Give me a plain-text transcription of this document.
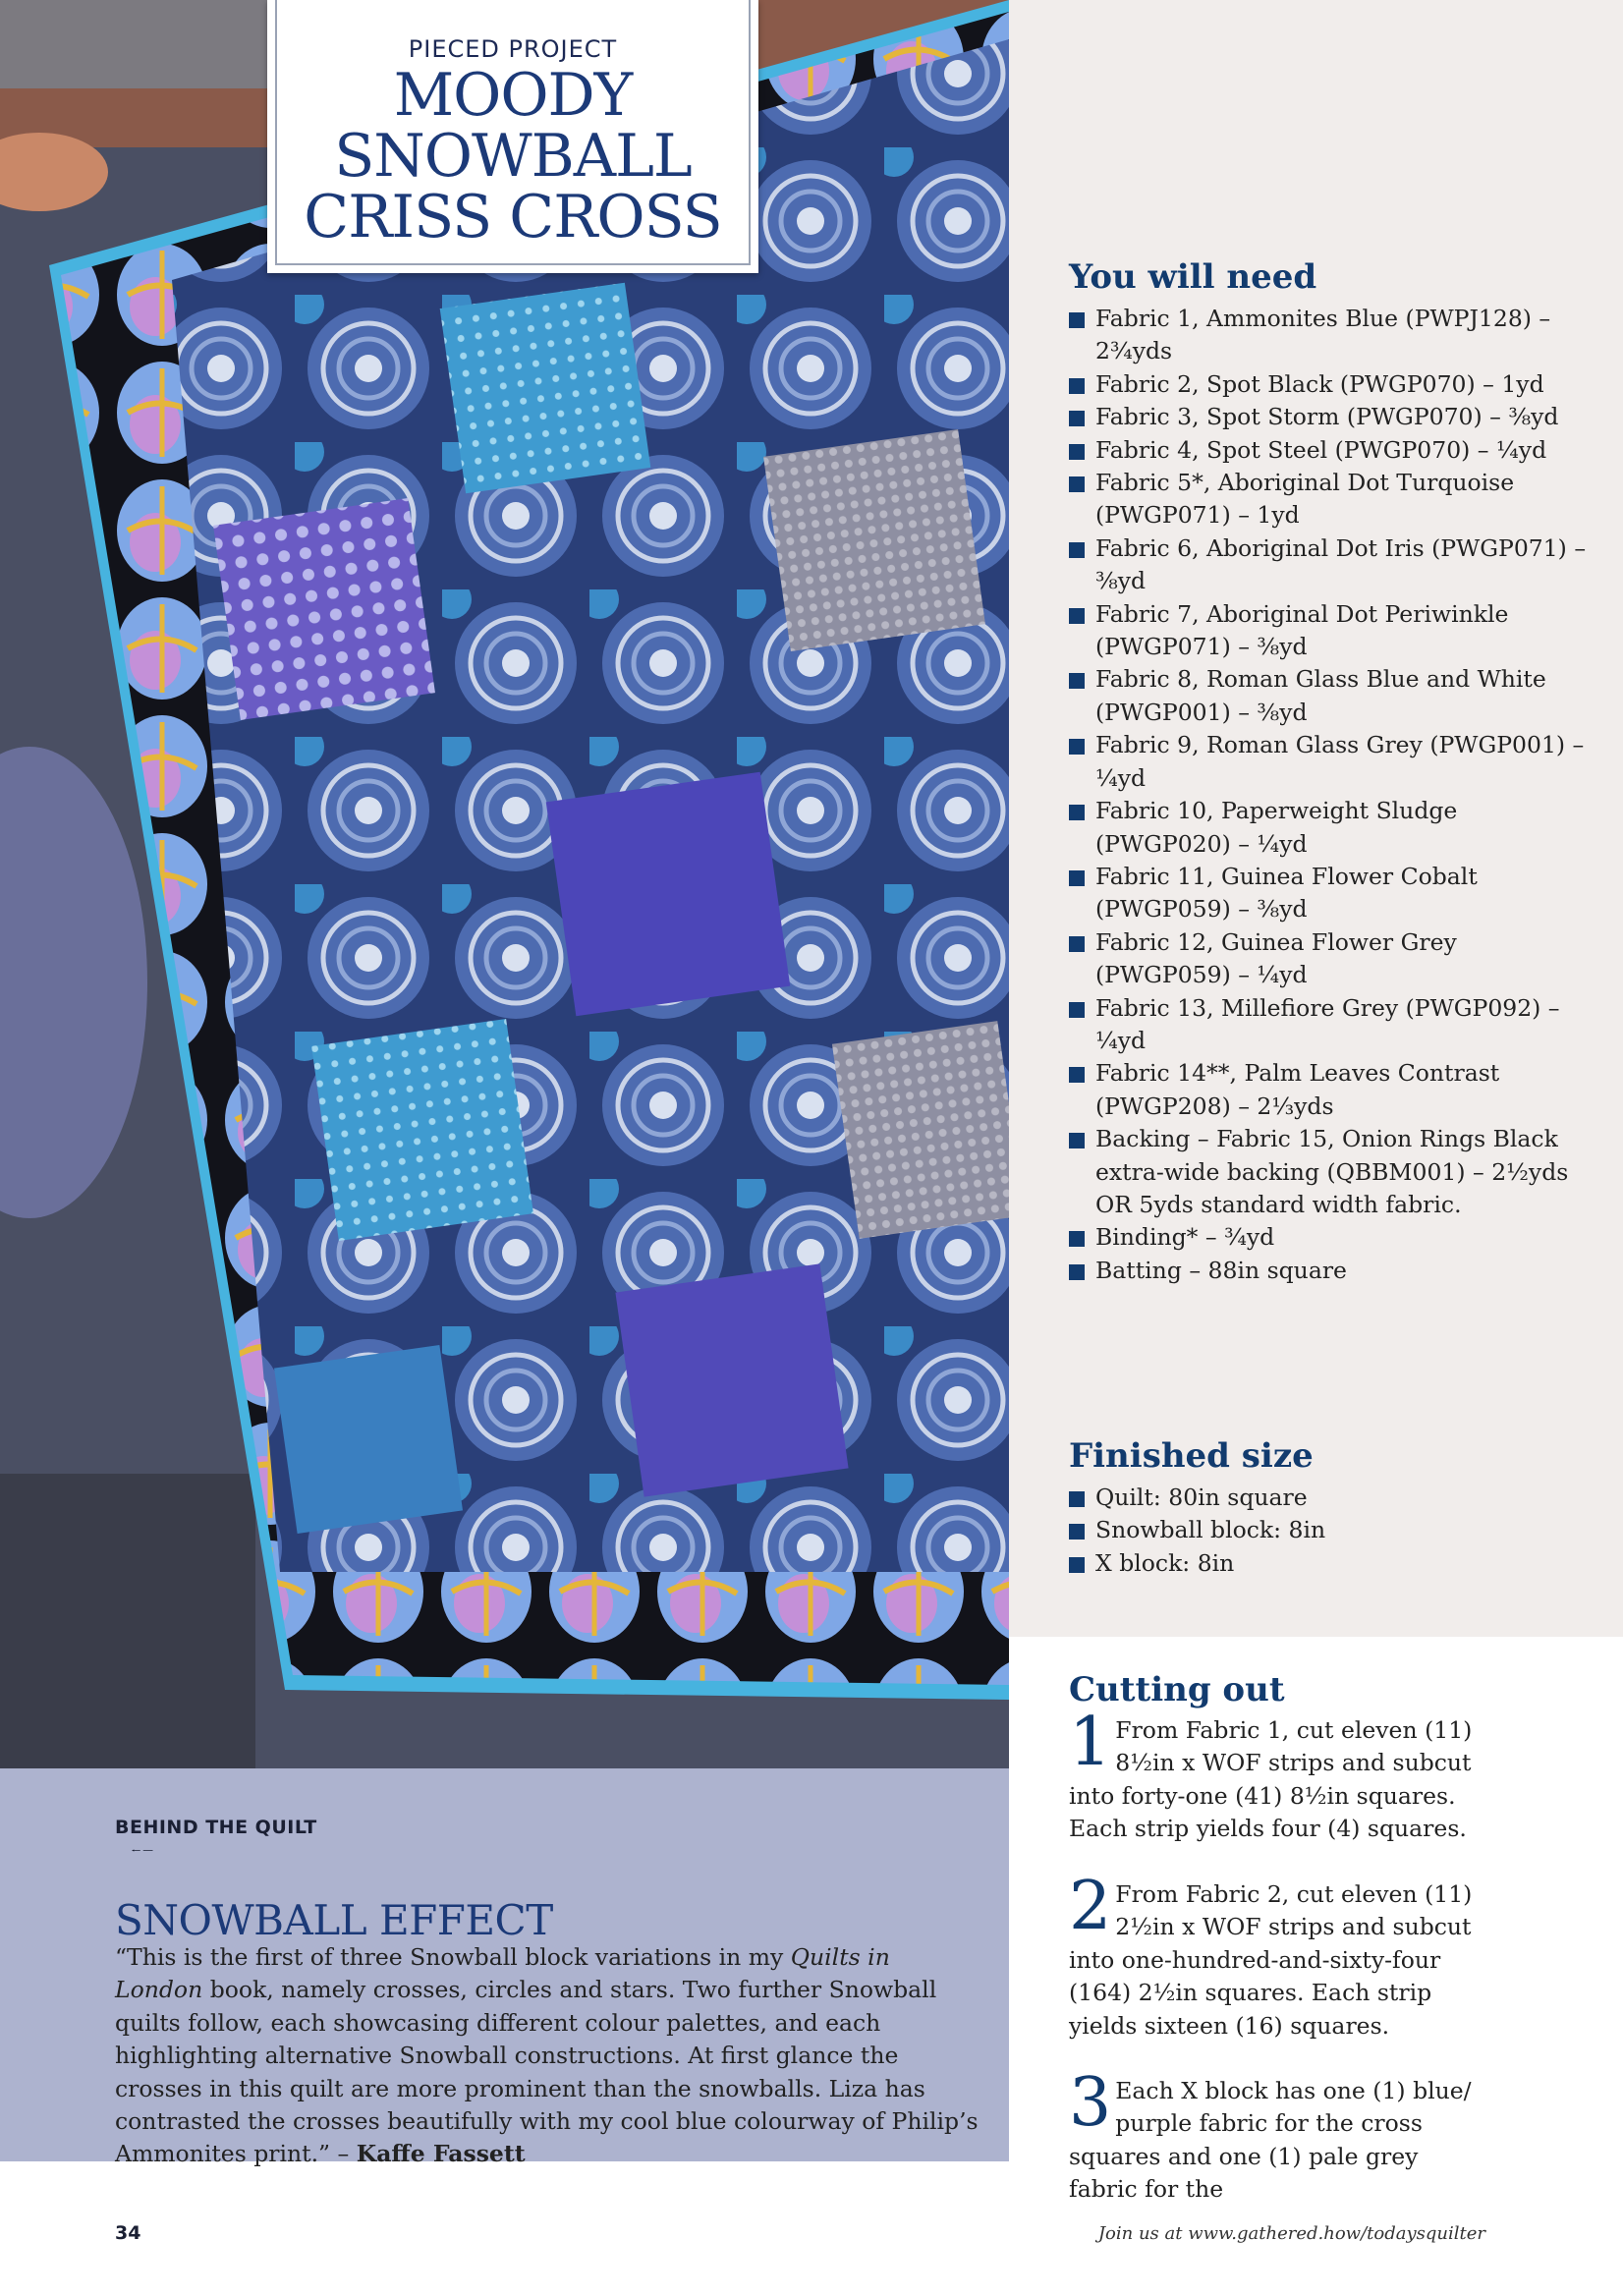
PIECED PROJECT
MOODY
SNOWBALL
CRISS CROSS
You will need
Fabric 1, Ammonites Blue (PWPJ128) – 2¾yds
Fabric 2, Spot Black (PWGP070) – 1yd
Fabric 3, Spot Storm (PWGP070) – ⅜yd
Fabric 4, Spot Steel (PWGP070) – ¼yd
Fabric 5*, Aboriginal Dot Turquoise (PWGP071) – 1yd
Fabric 6, Aboriginal Dot Iris (PWGP071) – ⅜yd
Fabric 7, Aboriginal Dot Periwinkle (PWGP071) – ⅜yd
Fabric 8, Roman Glass Blue and White (PWGP001) – ⅜yd
Fabric 9, Roman Glass Grey (PWGP001) – ¼yd
Fabric 10, Paperweight Sludge (PWGP020) – ¼yd
Fabric 11, Guinea Flower Cobalt (PWGP059) – ⅜yd
Fabric 12, Guinea Flower Grey (PWGP059) – ¼yd
Fabric 13, Millefiore Grey (PWGP092) – ¼yd
Fabric 14**, Palm Leaves Contrast (PWGP208) – 2⅓yds
Backing – Fabric 15, Onion Rings Black extra-wide backing (QBBM001) – 2½yds OR 5yds standard width fabric.
Binding* – ¾yd
Batting – 88in square
Finished size
Quilt: 80in square
Snowball block: 8in
X block: 8in
Cutting out
1 From Fabric 1, cut eleven (11) 8½in x WOF strips and subcut into forty-one (41) 8½in squares. Each strip yields four (4) squares.
2 From Fabric 2, cut eleven (11) 2½in x WOF strips and subcut into one-hundred-and-sixty-four (164) 2½in squares. Each strip yields sixteen (16) squares.
3 Each X block has one (1) blue/ purple fabric for the cross squares and one (1) pale grey fabric for the
BEHIND THE QUILT
SNOWBALL EFFECT
“This is the first of three Snowball block variations in my Quilts in London book, namely crosses, circles and stars. Two further Snowball quilts follow, each showcasing different colour palettes, and each highlighting alternative Snowball constructions. At first glance the crosses in this quilt are more prominent than the snowballs. Liza has contrasted the crosses beautifully with my cool blue colourway of Philip’s Ammonites print.” – Kaffe Fassett
34	Join us at www.gathered.how/todaysquilter
